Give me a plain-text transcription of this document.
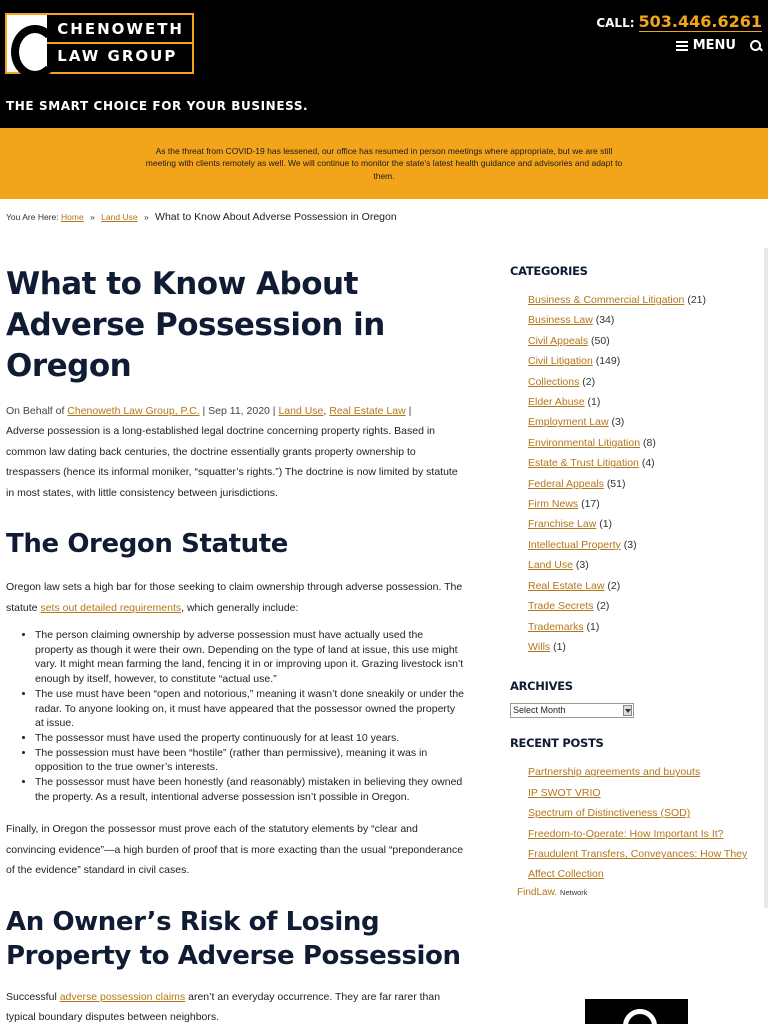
CHENOWETH
LAW GROUP
THE SMART CHOICE FOR YOUR BUSINESS.
CALL: 503.446.6261
MENU

As the threat from COVID-19 has lessened, our office has resumed in person meetings where appropriate, but we are still meeting with clients remotely as well. We will continue to monitor the state’s latest health guidance and advisories and adapt to them.

You Are Here: Home » Land Use » What to Know About Adverse Possession in Oregon
What to Know About Adverse Possession in Oregon
On Behalf of Chenoweth Law Group, P.C. | Sep 11, 2020 | Land Use, Real Estate Law |

Adverse possession is a long-established legal doctrine concerning property rights. Based in common law dating back centuries, the doctrine essentially grants property ownership to trespassers (hence its informal moniker, “squatter’s rights.”) The doctrine is now limited by statute in most states, with little consistency between jurisdictions.

The Oregon Statute

Oregon law sets a high bar for those seeking to claim ownership through adverse possession. The statute sets out detailed requirements, which generally include:

• The person claiming ownership by adverse possession must have actually used the property as though it were their own. Depending on the type of land at issue, this use might vary. It might mean farming the land, fencing it in or improving upon it. Grazing livestock isn’t enough by itself, however, to constitute “actual use.”
• The use must have been “open and notorious,” meaning it wasn’t done sneakily or under the radar. To anyone looking on, it must have appeared that the possessor owned the property at issue.
• The possessor must have used the property continuously for at least 10 years.
• The possession must have been “hostile” (rather than permissive), meaning it was in opposition to the true owner’s interests.
• The possessor must have been honestly (and reasonably) mistaken in believing they owned the property. As a result, intentional adverse possession isn’t possible in Oregon.

Finally, in Oregon the possessor must prove each of the statutory elements by “clear and convincing evidence”—a high burden of proof that is more exacting than the usual “preponderance of the evidence” standard in civil cases.

An Owner’s Risk of Losing Property to Adverse Possession

Successful adverse possession claims aren’t an everyday occurrence. They are far rarer than typical boundary disputes between neighbors.

CATEGORIES
Business & Commercial Litigation (21)
Business Law (34)
Civil Appeals (50)
Civil Litigation (149)
Collections (2)
Elder Abuse (1)
Employment Law (3)
Environmental Litigation (8)
Estate & Trust Litigation (4)
Federal Appeals (51)
Firm News (17)
Franchise Law (1)
Intellectual Property (3)
Land Use (3)
Real Estate Law (2)
Trade Secrets (2)
Trademarks (1)
Wills (1)
ARCHIVES
Select Month
RECENT POSTS
Partnership agreements and buyouts
IP SWOT VRIO
Spectrum of Distinctiveness (SOD)
Freedom-to-Operate: How Important Is It?
Fraudulent Transfers, Conveyances: How They Affect Collection
FindLaw. Network
